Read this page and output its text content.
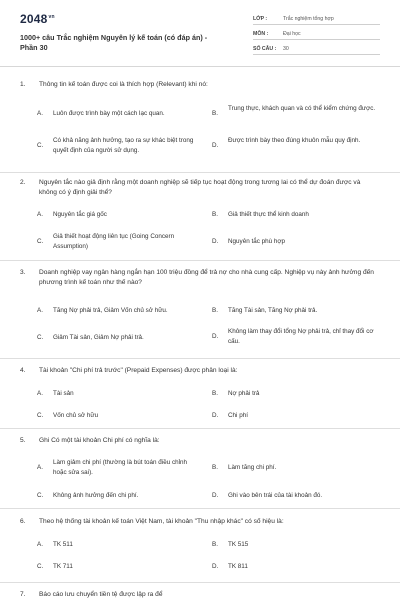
$2048^{vn}$
1000+ câu Trắc nghiệm Nguyên lý kế toán (có đáp án) - Phần 30
LỚP :	Trắc nghiệm tổng hợp
MÔN :	Đại học
SỐ CÂU : 30
1.	Thông tin kế toán được coi là thích hợp (Relevant) khi nó:
A. Luôn được trình bày một cách lạc quan.	B.
Trung thực, khách quan và có thể kiểm chứng được.
C.
Có khả năng ảnh hưởng, tạo ra sự khác biệt trong quyết định của người sử dụng.
D.
Được trình bày theo đúng khuôn mẫu quy định.
2.	Nguyên tắc nào giả định rằng một doanh nghiệp sẽ tiếp tục hoạt động trong tương lai có thể dự đoán được và không có ý định giải thể?
A. Nguyên tắc giá gốc	B. Giả thiết thực thể kinh doanh
C.
Giả thiết hoạt động liên tục (Going Concern Assumption)
D. Nguyên tắc phù hợp
3.	Doanh nghiệp vay ngân hàng ngắn hạn 100 triệu đồng để trả nợ cho nhà cung cấp. Nghiệp vụ này ảnh hưởng đến phương trình kế toán như thế nào?
A. Tăng Nợ phải trả, Giảm Vốn chủ sở hữu.	B. Tăng Tài sản, Tăng Nợ phải trả.
C. Giảm Tài sản, Giảm Nợ phải trả.	D.
Không làm thay đổi tổng Nợ phải trả, chỉ thay đổi cơ cấu.
4.	Tài khoản "Chi phí trả trước" (Prepaid Expenses) được phân loại là:
A. Tài sản	B. Nợ phải trả
C. Vốn chủ sở hữu	D. Chi phí
5.	Ghi Có một tài khoản Chi phí có nghĩa là:
A.
Làm giảm chi phí (thường là bút toán điều chỉnh hoặc sửa sai).
B. Làm tăng chi phí.
C. Không ảnh hưởng đến chi phí.	D. Ghi vào bên trái của tài khoản đó.
6.	Theo hệ thống tài khoản kế toán Việt Nam, tài khoản "Thu nhập khác" có số hiệu là:
A. TK 511	B. TK 515
C. TK 711	D. TK 811
7.	Báo cáo lưu chuyển tiền tệ được lập ra để
